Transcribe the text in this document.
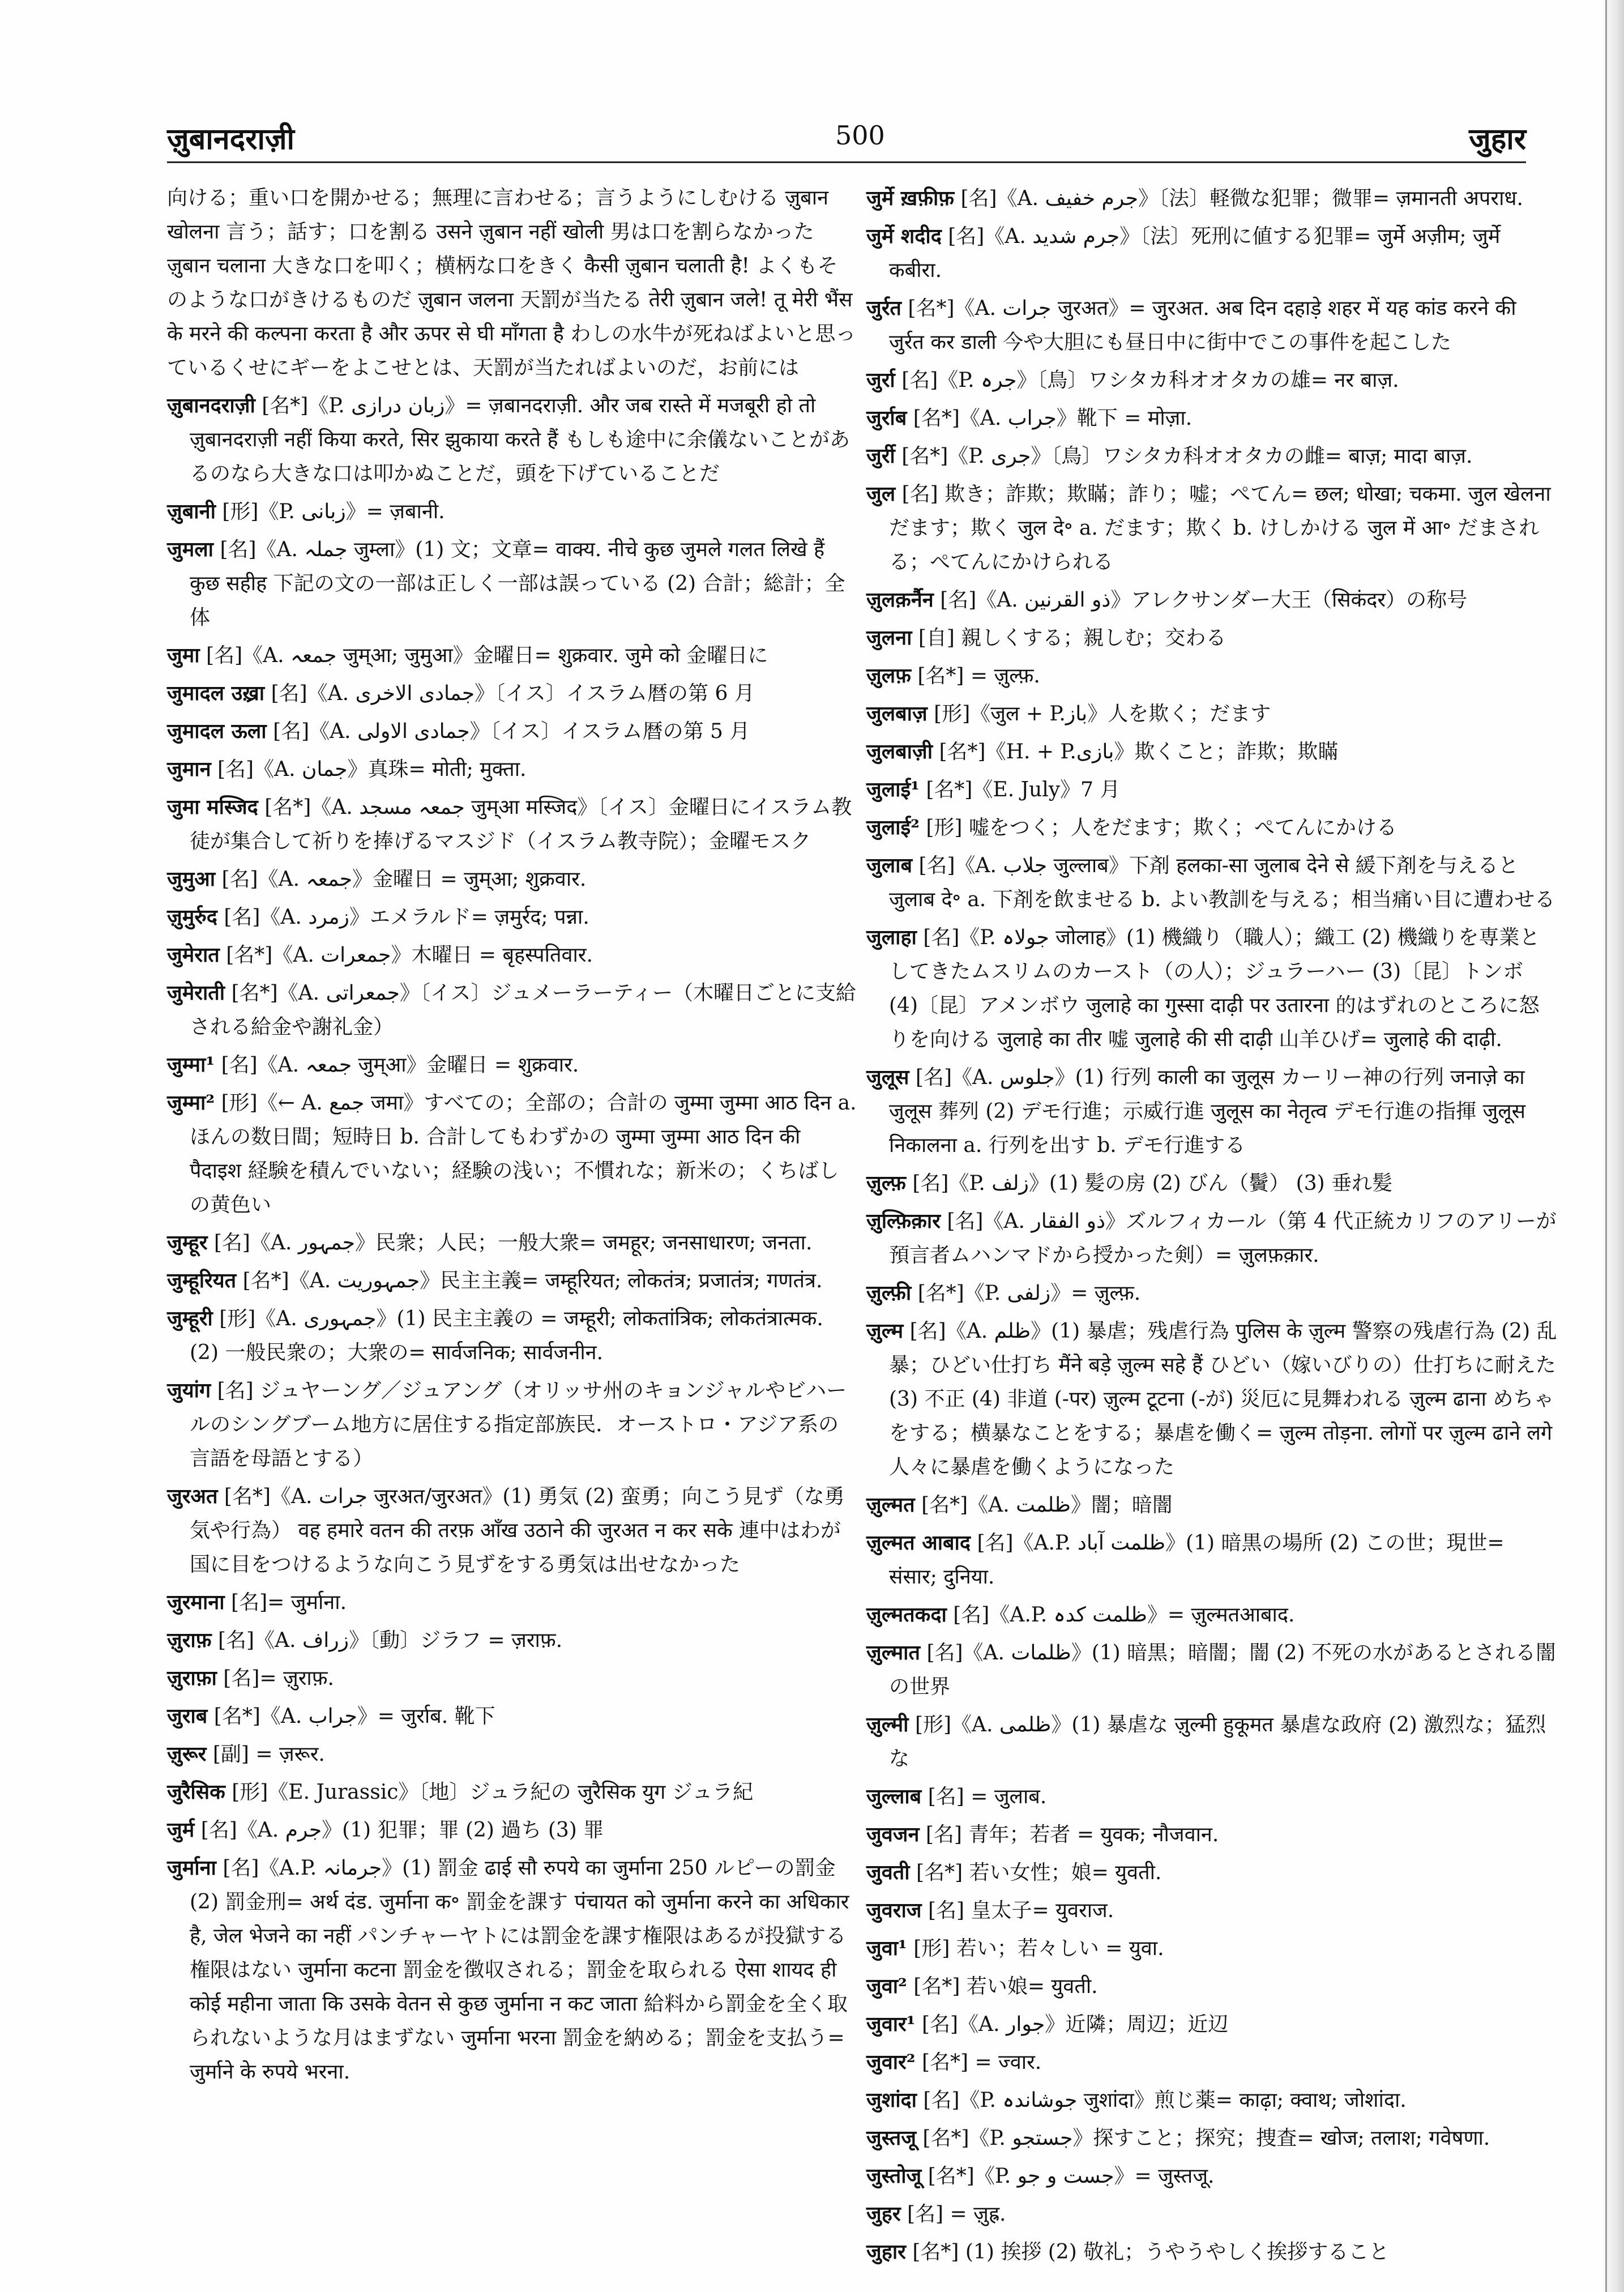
ज़ुबानदराज़ी	500	जुहार

向ける；重い口を開かせる；無理に言わせる；言うようにしむける ज़ुबान खोलना 言う；話す；口を割る उसने ज़ुबान नहीं खोली 男は口を割らなかった ज़ुबान चलाना 大きな口を叩く；横柄な口をきく कैसी ज़ुबान चलाती है! よくもそのような口がきけるものだ ज़ुबान जलना 天罰が当たる तेरी ज़ुबान जले! तू मेरी भैंस के मरने की कल्पना करता है और ऊपर से घी माँगता है わしの水牛が死ねばよいと思っているくせにギーをよこせとは、天罰が当たればよいのだ，お前には

ज़ुबानदराज़ी [名*]《P. زبان درازی》= ज़बानदराज़ी. और जब रास्ते में मजबूरी हो तो ज़ुबानदराज़ी नहीं किया करते, सिर झुकाया करते हैं もしも途中に余儀ないことがあるのなら大きな口は叩かぬことだ，頭を下げていることだ

ज़ुबानी [形]《P. زبانی》= ज़बानी.

जुमला [名]《A. جملہ जुम्ला》(1) 文；文章= वाक्य. नीचे कुछ जुमले गलत लिखे हैं कुछ सहीह 下記の文の一部は正しく一部は誤っている (2) 合計；総計；全体

जुमा [名]《A. جمعہ जुम्आ; जुमुआ》金曜日= शुक्रवार. जुमे को 金曜日に

जुमादल उख़्रा [名]《A. جمادی الاخری》〔イス〕イスラム暦の第 6 月

जुमादल ऊला [名]《A. جمادی الاولی》〔イス〕イスラム暦の第 5 月

जुमान [名]《A. جمان》真珠= मोती; मुक्ता.

जुमा मस्जिद [名*]《A. جمعہ مسجد जुम्आ मस्जिद》〔イス〕金曜日にイスラム教徒が集合して祈りを捧げるマスジド（イスラム教寺院）；金曜モスク

जुमुआ [名]《A. جمعہ》金曜日 = जुम्आ; शुक्रवार.

ज़ुमुर्रुद [名]《A. زمرد》エメラルド= ज़मुर्रद; पन्ना.

जुमेरात [名*]《A. جمعرات》木曜日 = बृहस्पतिवार.

जुमेराती [名*]《A. جمعراتی》〔イス〕ジュメーラーティー（木曜日ごとに支給される給金や謝礼金）

जुम्मा¹ [名]《A. جمعہ जुम्आ》金曜日 = शुक्रवार.

जुम्मा² [形]《← A. جمع जमा》すべての；全部の；合計の जुम्मा जुम्मा आठ दिन a. ほんの数日間；短時日 b. 合計してもわずかの जुम्मा जुम्मा आठ दिन की पैदाइश 経験を積んでいない；経験の浅い；不慣れな；新米の；くちばしの黄色い

जुम्हूर [名]《A. جمہور》民衆；人民；一般大衆= जमहूर; जनसाधारण; जनता.

जुम्हूरियत [名*]《A. جمہوریت》民主主義= जम्हूरियत; लोकतंत्र; प्रजातंत्र; गणतंत्र.

जुम्हूरी [形]《A. جمہوری》(1) 民主主義の = जम्हूरी; लोकतांत्रिक; लोकतंत्रात्मक. (2) 一般民衆の；大衆の= सार्वजनिक; सार्वजनीन.

जुयांग [名] ジュヤーング／ジュアング（オリッサ州のキョンジャルやビハールのシングブーム地方に居住する指定部族民．オーストロ・アジア系の言語を母語とする）

जुरअत [名*]《A. جرات जुरअत/जुरअत》(1) 勇気 (2) 蛮勇；向こう見ず（な勇気や行為） वह हमारे वतन की तरफ़ आँख उठाने की जुरअत न कर सके 連中はわが国に目をつけるような向こう見ずをする勇気は出せなかった

जुरमाना [名]= जुर्माना.

ज़ुराफ़ [名]《A. زراف》〔動〕ジラフ = ज़राफ़.

ज़ुराफ़ा [名]= ज़ुराफ़.

जुराब [名*]《A. جراب》= जुर्राब. 靴下

ज़ुरूर [副] = ज़रूर.

जुरैसिक [形]《E. Jurassic》〔地〕ジュラ紀の जुरैसिक युग ジュラ紀

जुर्म [名]《A. جرم》(1) 犯罪；罪 (2) 過ち (3) 罪

जुर्माना [名]《A.P. جرمانہ》(1) 罰金 ढाई सौ रुपये का जुर्माना 250 ルピーの罰金 (2) 罰金刑= अर्थ दंड. जुर्माना क॰ 罰金を課す पंचायत को जुर्माना करने का अधिकार है, जेल भेजने का नहीं パンチャーヤトには罰金を課す権限はあるが投獄する権限はない जुर्माना कटना 罰金を徴収される；罰金を取られる ऐसा शायद ही कोई महीना जाता कि उसके वेतन से कुछ जुर्माना न कट जाता 給料から罰金を全く取られないような月はまずない जुर्माना भरना 罰金を納める；罰金を支払う= जुर्माने के रुपये भरना.

जुर्मे ख़फ़ीफ़ [名]《A. جرم خفیف》〔法〕軽微な犯罪；微罪= ज़मानती अपराध.

जुर्मे शदीद [名]《A. جرم شدید》〔法〕死刑に値する犯罪= जुर्मे अज़ीम; जुर्मे कबीरा.

जुर्रत [名*]《A. جرات जुरअत》= जुरअत. अब दिन दहाड़े शहर में यह कांड करने की जुर्रत कर डाली 今や大胆にも昼日中に街中でこの事件を起こした

जुर्रा [名]《P. جرہ》〔鳥〕ワシタカ科オオタカの雄= नर बाज़.

जुर्राब [名*]《A. جراب》靴下 = मोज़ा.

जुर्री [名*]《P. جری》〔鳥〕ワシタカ科オオタカの雌= बाज़; मादा बाज़.

जुल [名] 欺き；詐欺；欺瞞；詐り；嘘；ぺてん= छल; धोखा; चकमा. जुल खेलना だます；欺く जुल दे॰ a. だます；欺く b. けしかける जुल में आ॰ だまされる；ぺてんにかけられる

ज़ुलक़र्नैन [名]《A. ذو القرنین》アレクサンダー大王（सिकंदर）の称号

जुलना [自] 親しくする；親しむ；交わる

ज़ुलफ़ [名*] = ज़ुल्फ़.

जुलबाज़ [形]《जुल + P.باز》人を欺く；だます

जुलबाज़ी [名*]《H. + P.بازی》欺くこと；詐欺；欺瞞

जुलाई¹ [名*]《E. July》7 月

जुलाई² [形] 嘘をつく；人をだます；欺く；ぺてんにかける

जुलाब [名]《A. جلاب जुल्लाब》下剤 हलका-सा जुलाब देने से 緩下剤を与えると जुलाब दे॰ a. 下剤を飲ませる b. よい教訓を与える；相当痛い目に遭わせる

जुलाहा [名]《P. جولاہ जोलाह》(1) 機織り（職人）；織工 (2) 機織りを専業としてきたムスリムのカースト（の人）；ジュラーハー (3)〔昆〕トンボ (4)〔昆〕アメンボウ जुलाहे का गुस्सा दाढ़ी पर उतारना 的はずれのところに怒りを向ける जुलाहे का तीर 嘘 जुलाहे की सी दाढ़ी 山羊ひげ= जुलाहे की दाढ़ी.

जुलूस [名]《A. جلوس》(1) 行列 काली का जुलूस カーリー神の行列 जनाज़े का जुलूस 葬列 (2) デモ行進；示威行進 जुलूस का नेतृत्व デモ行進の指揮 जुलूस निकालना a. 行列を出す b. デモ行進する

ज़ुल्फ़ [名]《P. زلف》(1) 髪の房 (2) びん（鬢） (3) 垂れ髪

ज़ुल्फ़िक़ार [名]《A. ذو الفقار》ズルフィカール（第 4 代正統カリフのアリーが預言者ムハンマドから授かった剣）= ज़ुलफ़क़ार.

ज़ुल्फ़ी [名*]《P. زلفی》= ज़ुल्फ़.

ज़ुल्म [名]《A. ظلم》(1) 暴虐；残虐行為 पुलिस के ज़ुल्म 警察の残虐行為 (2) 乱暴；ひどい仕打ち मैंने बड़े ज़ुल्म सहे हैं ひどい（嫁いびりの）仕打ちに耐えた (3) 不正 (4) 非道 (-पर) ज़ुल्म टूटना (-が) 災厄に見舞われる ज़ुल्म ढाना めちゃをする；横暴なことをする；暴虐を働く= ज़ुल्म तोड़ना. लोगों पर ज़ुल्म ढाने लगे 人々に暴虐を働くようになった

ज़ुल्मत [名*]《A. ظلمت》闇；暗闇

ज़ुल्मत आबाद [名]《A.P. ظلمت آباد》(1) 暗黒の場所 (2) この世；現世= संसार; दुनिया.

ज़ुल्मतकदा [名]《A.P. ظلمت کدہ》= ज़ुल्मतआबाद.

ज़ुल्मात [名]《A. ظلمات》(1) 暗黒；暗闇；闇 (2) 不死の水があるとされる闇の世界

ज़ुल्मी [形]《A. ظلمی》(1) 暴虐な ज़ुल्मी हुकूमत 暴虐な政府 (2) 激烈な；猛烈な

जुल्लाब [名] = जुलाब.

जुवजन [名] 青年；若者 = युवक; नौजवान.

जुवती [名*] 若い女性；娘= युवती.

जुवराज [名] 皇太子= युवराज.

जुवा¹ [形] 若い；若々しい = युवा.

जुवा² [名*] 若い娘= युवती.

जुवार¹ [名]《A. جوار》近隣；周辺；近辺

जुवार² [名*] = ज्वार.

जुशांदा [名]《P. جوشاندہ जुशांदा》煎じ薬= काढ़ा; क्वाथ; जोशांदा.

जुस्तजू [名*]《P. جستجو》探すこと；探究；捜査= खोज; तलाश; गवेषणा.

जुस्तोजू [名*]《P. جست و جو》= जुस्तजू.

जुहर [名] = ज़ुह्र.

जुहार [名*] (1) 挨拶 (2) 敬礼；うやうやしく挨拶すること
